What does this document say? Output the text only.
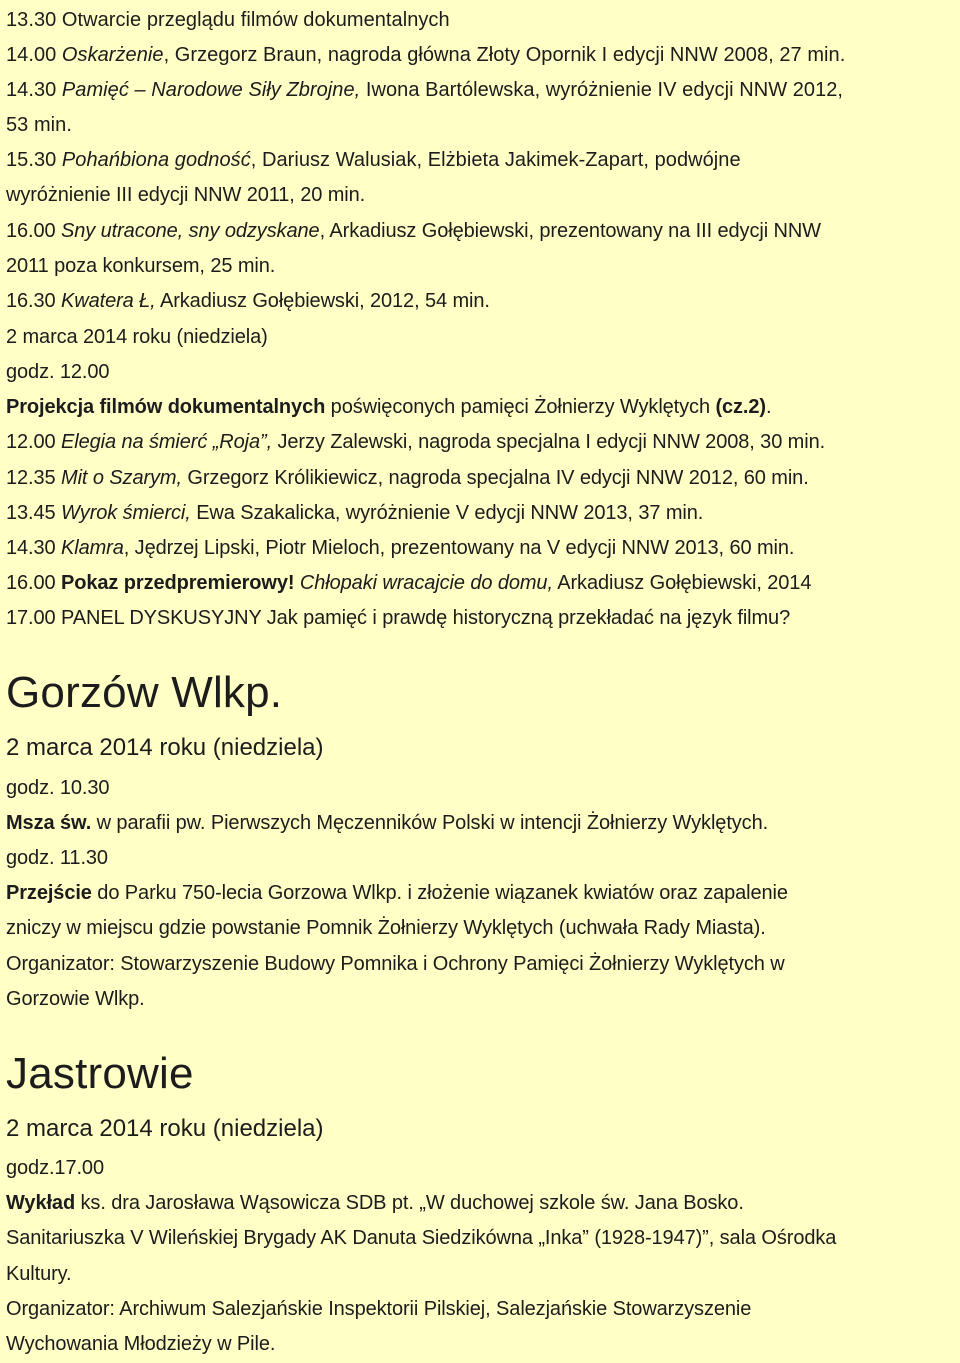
13.30 Otwarcie przeglądu filmów dokumentalnych
14.00 Oskarżenie, Grzegorz Braun, nagroda główna Złoty Opornik I edycji NNW 2008, 27 min.
14.30 Pamięć – Narodowe Siły Zbrojne, Iwona Bartólewska, wyróżnienie IV edycji NNW 2012,
53 min.
15.30 Pohańbiona godność, Dariusz Walusiak, Elżbieta Jakimek-Zapart, podwójne
wyróżnienie III edycji NNW 2011, 20 min.
16.00 Sny utracone, sny odzyskane, Arkadiusz Gołębiewski, prezentowany na III edycji NNW
2011 poza konkursem, 25 min.
16.30 Kwatera Ł, Arkadiusz Gołębiewski, 2012, 54 min.
2 marca 2014 roku (niedziela)
godz. 12.00
Projekcja filmów dokumentalnych poświęconych pamięci Żołnierzy Wyklętych (cz.2).
12.00 Elegia na śmierć „Roja”, Jerzy Zalewski, nagroda specjalna I edycji NNW 2008, 30 min.
12.35 Mit o Szarym, Grzegorz Królikiewicz, nagroda specjalna IV edycji NNW 2012, 60 min.
13.45 Wyrok śmierci, Ewa Szakalicka, wyróżnienie V edycji NNW 2013, 37 min.
14.30 Klamra, Jędrzej Lipski, Piotr Mieloch, prezentowany na V edycji NNW 2013, 60 min.
16.00 Pokaz przedpremierowy! Chłopaki wracajcie do domu, Arkadiusz Gołębiewski, 2014
17.00 PANEL DYSKUSYJNY Jak pamięć i prawdę historyczną przekładać na język filmu?
Gorzów Wlkp.
2 marca 2014 roku (niedziela)
godz. 10.30
Msza św. w parafii pw. Pierwszych Męczenników Polski w intencji Żołnierzy Wyklętych.
godz. 11.30
Przejście do Parku 750-lecia Gorzowa Wlkp. i złożenie wiązanek kwiatów oraz zapalenie
zniczy w miejscu gdzie powstanie Pomnik Żołnierzy Wyklętych (uchwała Rady Miasta).
Organizator: Stowarzyszenie Budowy Pomnika i Ochrony Pamięci Żołnierzy Wyklętych w
Gorzowie Wlkp.
Jastrowie
2 marca 2014 roku (niedziela)
godz.17.00
Wykład ks. dra Jarosława Wąsowicza SDB pt. „W duchowej szkole św. Jana Bosko.
Sanitariuszka V Wileńskiej Brygady AK Danuta Siedzikówna „Inka” (1928-1947)”, sala Ośrodka
Kultury.
Organizator: Archiwum Salezjańskie Inspektorii Pilskiej, Salezjańskie Stowarzyszenie
Wychowania Młodzieży w Pile.
